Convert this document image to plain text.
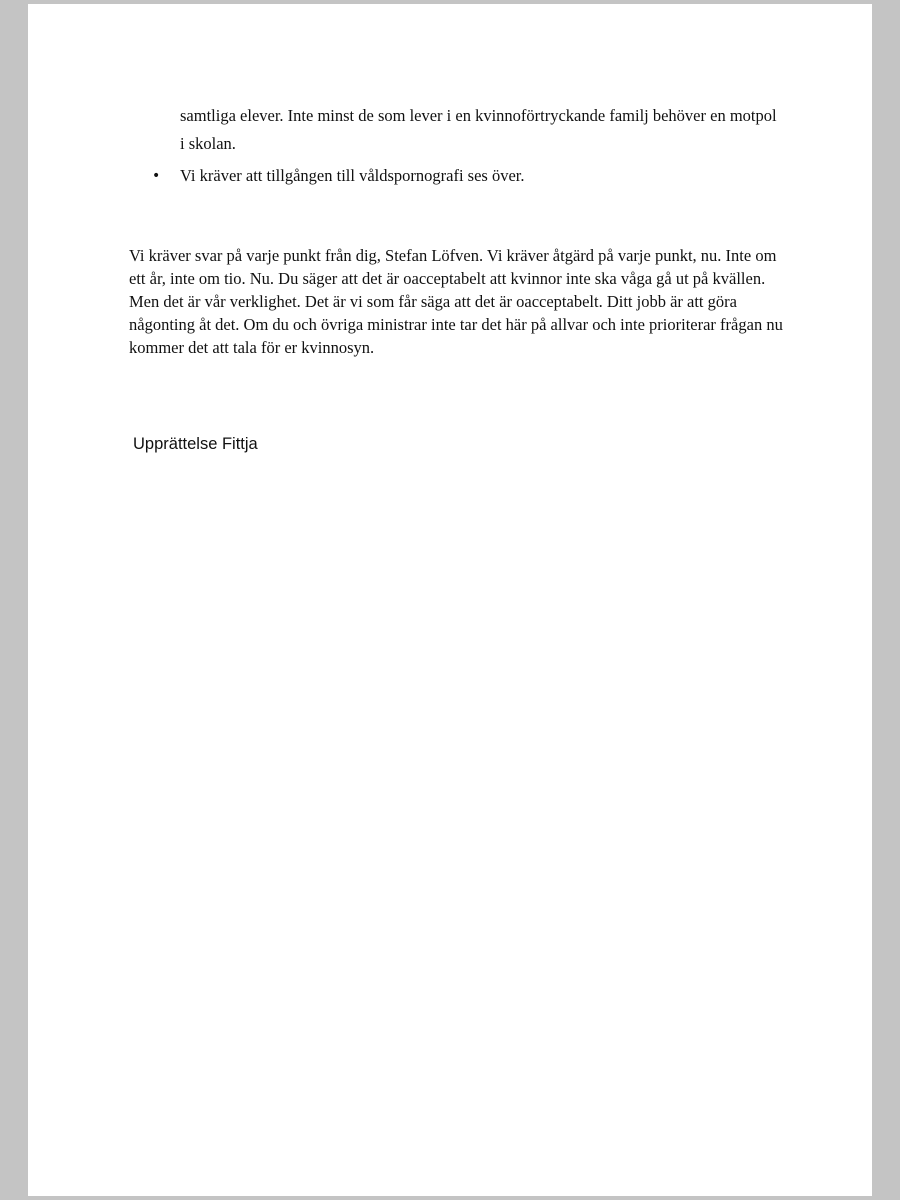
samtliga elever. Inte minst de som lever i en kvinnoförtryckande familj behöver en motpol i skolan.

•	Vi kräver att tillgången till våldspornografi ses över.

Vi kräver svar på varje punkt från dig, Stefan Löfven. Vi kräver åtgärd på varje punkt, nu. Inte om ett år, inte om tio. Nu. Du säger att det är oacceptabelt att kvinnor inte ska våga gå ut på kvällen. Men det är vår verklighet. Det är vi som får säga att det är oacceptabelt. Ditt jobb är att göra någonting åt det. Om du och övriga ministrar inte tar det här på allvar och inte prioriterar frågan nu kommer det att tala för er kvinnosyn.

Upprättelse Fittja
